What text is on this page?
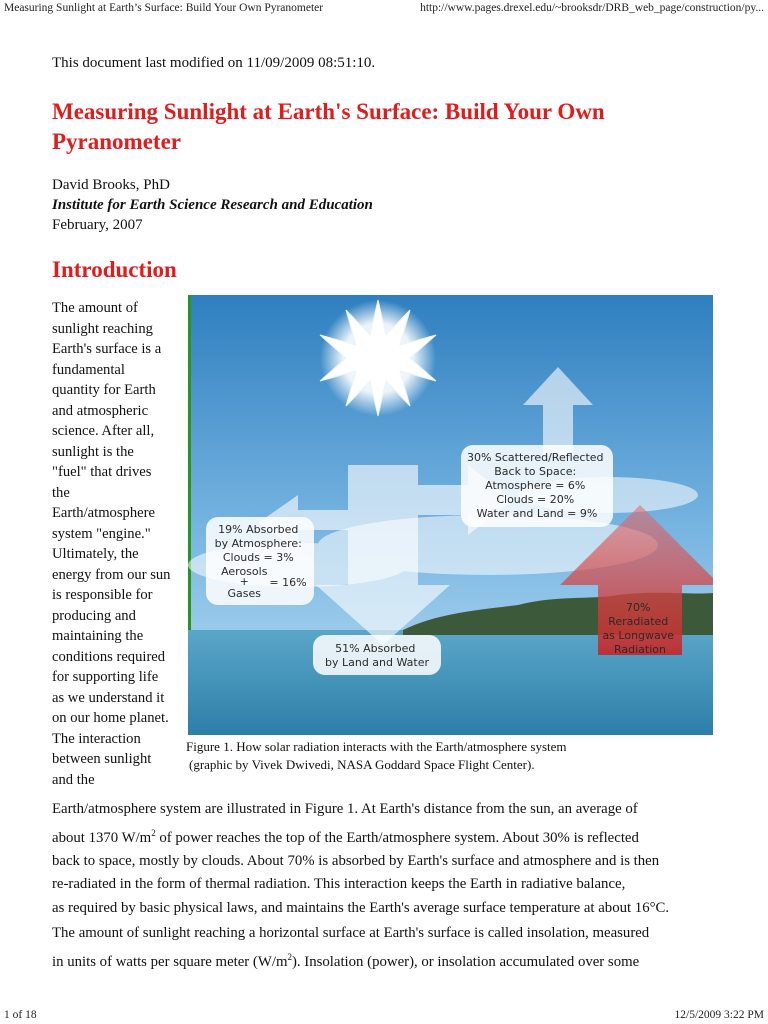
Measuring Sunlight at Earth’s Surface: Build Your Own Pyranometer	http://www.pages.drexel.edu/~brooksdr/DRB_web_page/construction/py...

This document last modified on 11/09/2009 08:51:10.

Measuring Sunlight at Earth's Surface: Build Your Own
Pyranometer
David Brooks, PhD
Institute for Earth Science Research and Education
February, 2007
Introduction
The amount of
sunlight reaching
Earth's surface is a
fundamental
quantity for Earth
and atmospheric
science. After all,
sunlight is the
"fuel" that drives
the
Earth/atmosphere
system "engine."
Ultimately, the
energy from our sun
is responsible for
producing and
maintaining the
conditions required
for supporting life
as we understand it
on our home planet.
The interaction
between sunlight
and the
30% Scattered/Reflected Back to Space: Atmosphere = 6% Clouds = 20% Water and Land = 9%
19% Absorbed by Atmosphere: Clouds = 3% Aerosols + Gases = 16%
51% Absorbed by Land and Water
70% Reradiated as Longwave Radiation
Figure 1. How solar radiation interacts with the Earth/atmosphere system
(graphic by Vivek Dwivedi, NASA Goddard Space Flight Center).
Earth/atmosphere system are illustrated in Figure 1. At Earth's distance from the sun, an average of
about 1370 $W/m^2$ of power reaches the top of the Earth/atmosphere system. About 30% is reflected
back to space, mostly by clouds. About 70% is absorbed by Earth's surface and atmosphere and is then
re-radiated in the form of thermal radiation. This interaction keeps the Earth in radiative balance,
as required by basic physical laws, and maintains the Earth's average surface temperature at about 16°C.
The amount of sunlight reaching a horizontal surface at Earth's surface is called insolation, measured
in units of watts per square meter $(W/m^2)$. Insolation (power), or insolation accumulated over some
1 of 18	12/5/2009 3:22 PM
